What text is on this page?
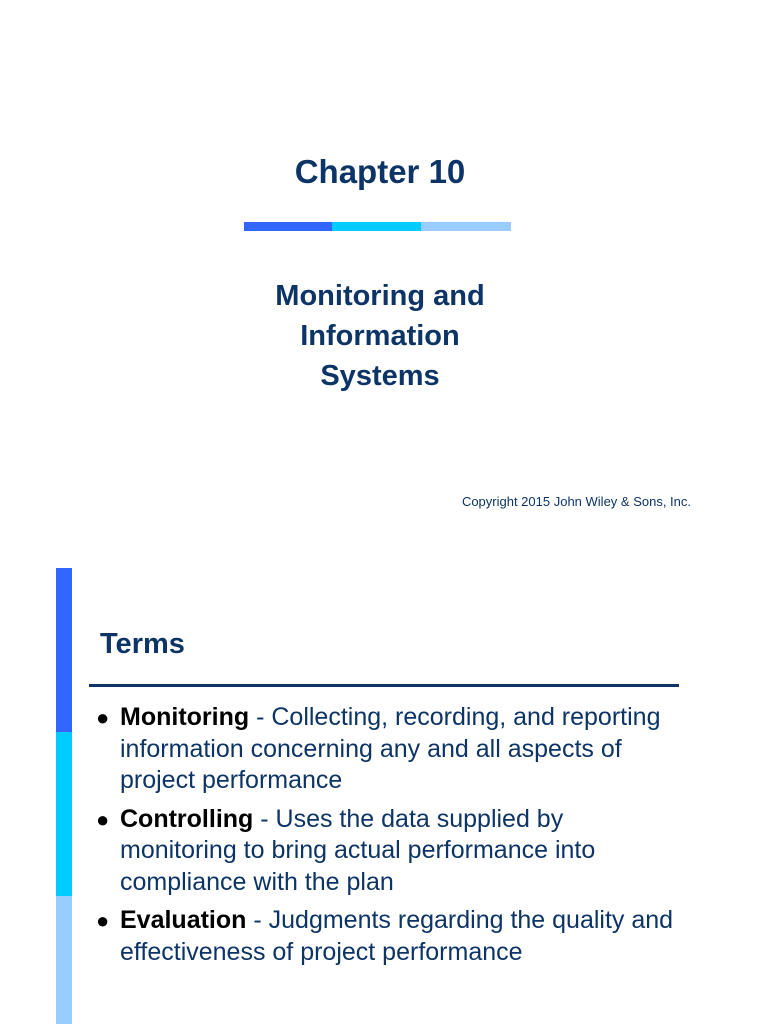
Chapter 10
Monitoring and
Information
Systems
Copyright 2015 John Wiley & Sons, Inc.
Terms
● Monitoring - Collecting, recording, and reporting information concerning any and all aspects of project performance
● Controlling - Uses the data supplied by monitoring to bring actual performance into compliance with the plan
● Evaluation - Judgments regarding the quality and effectiveness of project performance
